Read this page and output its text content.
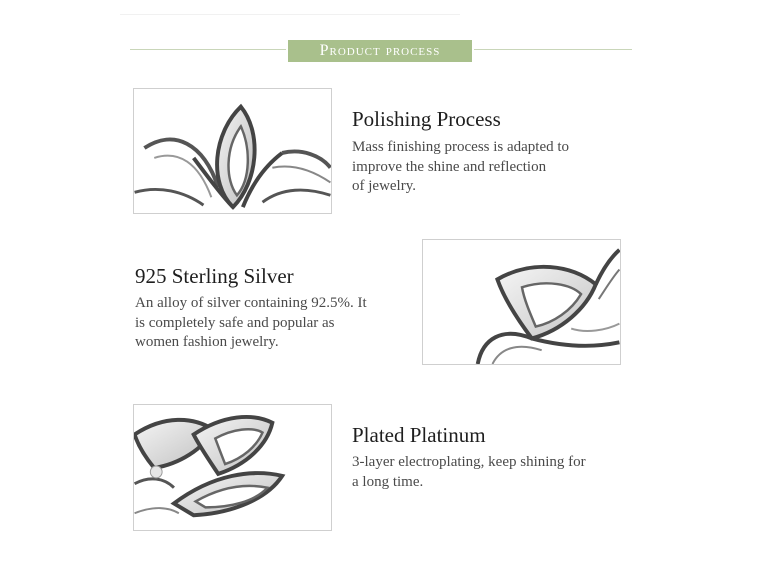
Product process
Polishing Process
Mass finishing process is adapted to
improve the shine and reflection
of jewelry.
925 Sterling Silver
An alloy of silver containing 92.5%. It
is completely safe and popular as
women fashion jewelry.
Plated Platinum
3-layer electroplating, keep shining for
a long time.
